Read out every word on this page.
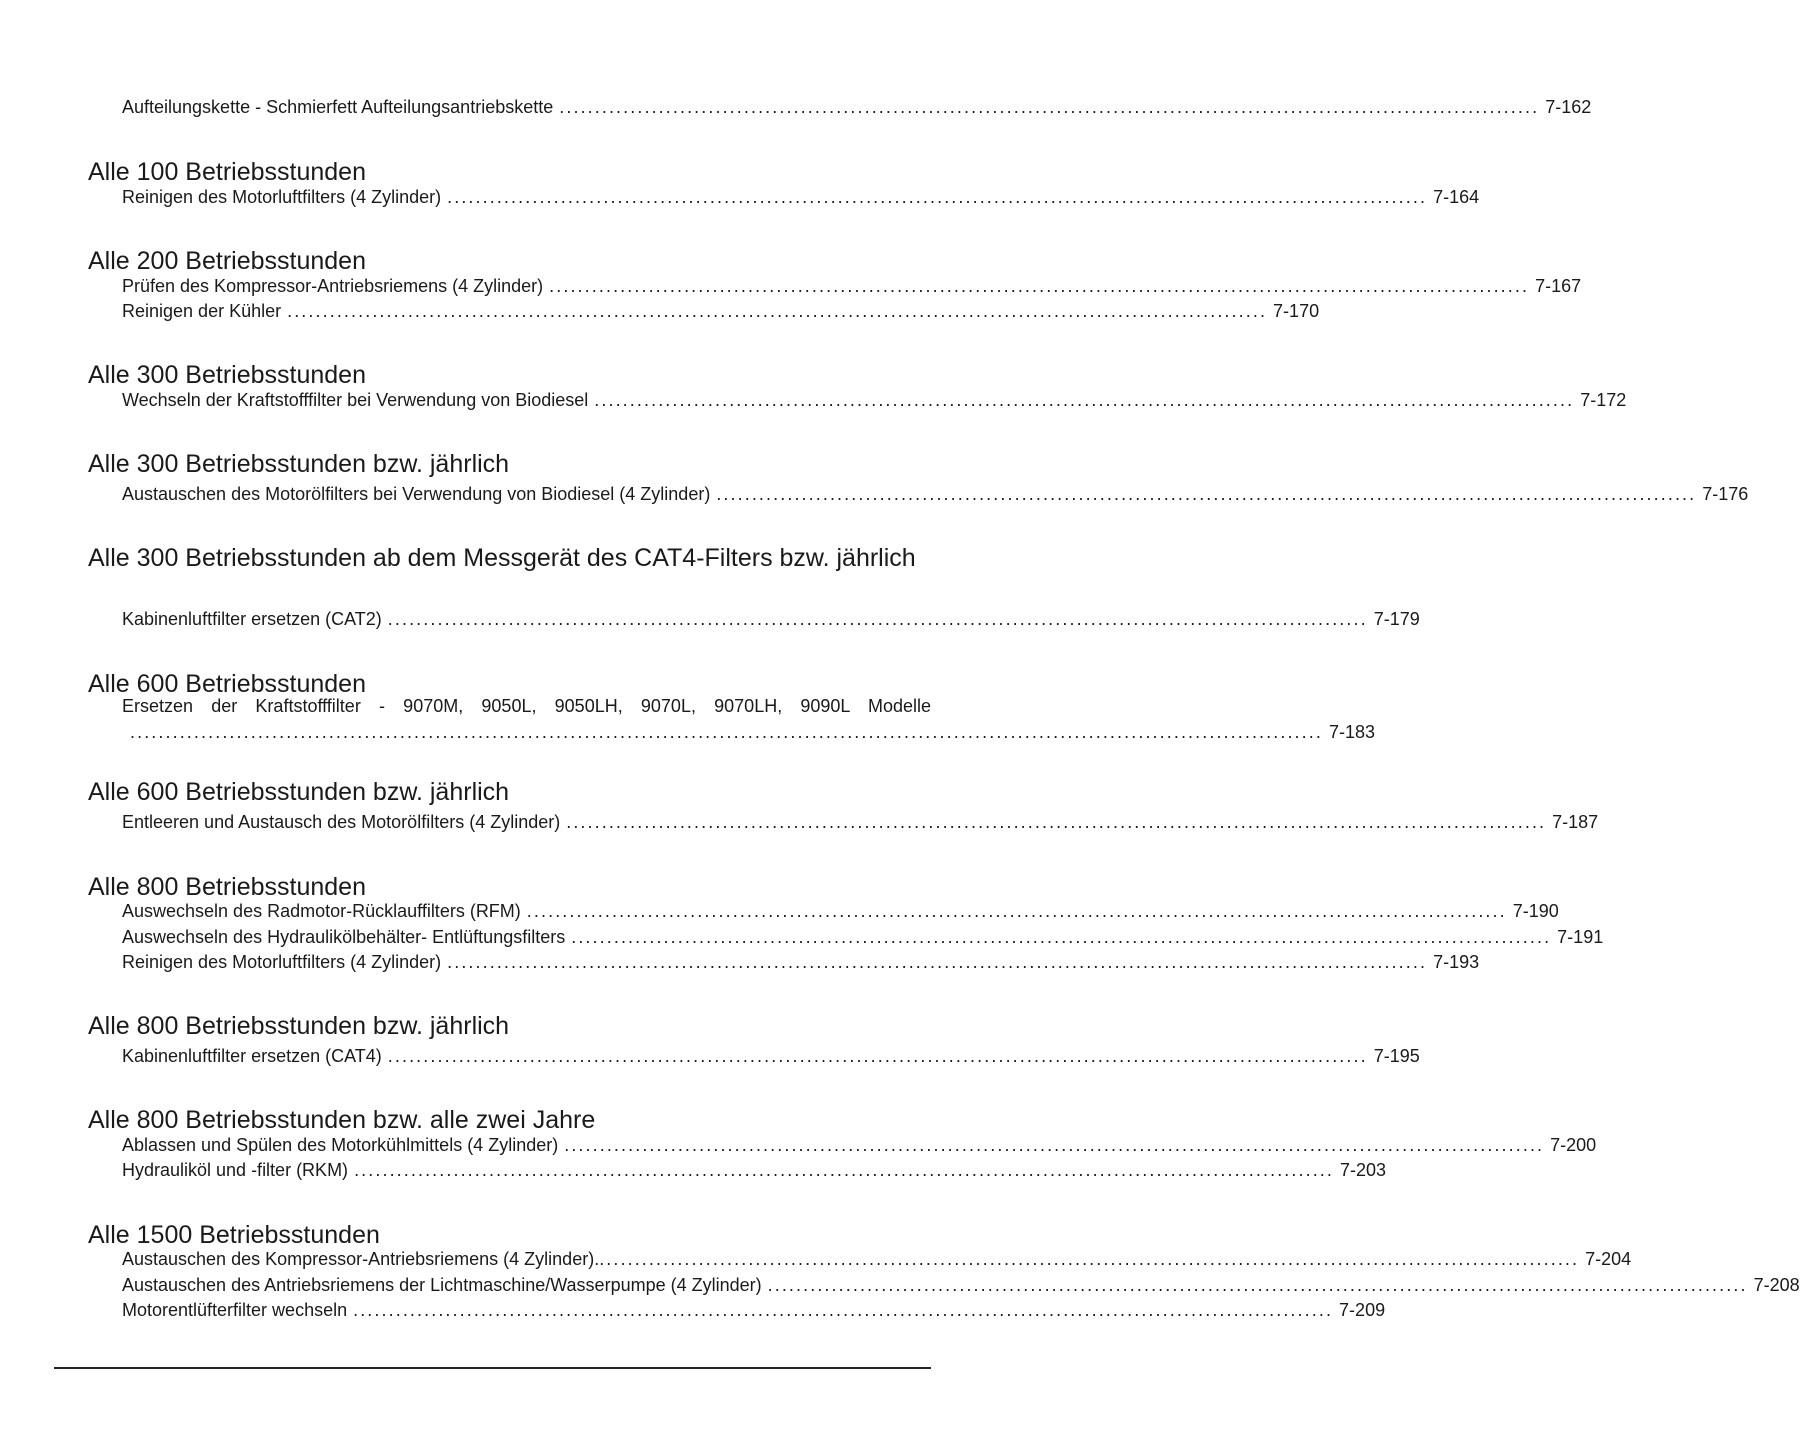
Aufteilungskette - Schmierfett Aufteilungsantriebskette .......................................................................................................................................... 7-162
Alle 100 Betriebsstunden
Reinigen des Motorluftfilters (4 Zylinder) .......................................................................................................................................... 7-164
Alle 200 Betriebsstunden
Prüfen des Kompressor-Antriebsriemens (4 Zylinder) .......................................................................................................................................... 7-167
Reinigen der Kühler .......................................................................................................................................... 7-170
Alle 300 Betriebsstunden
Wechseln der Kraftstofffilter bei Verwendung von Biodiesel .......................................................................................................................................... 7-172
Alle 300 Betriebsstunden bzw. jährlich
Austauschen des Motorölfilters bei Verwendung von Biodiesel (4 Zylinder) .......................................................................................................................................... 7-176
Alle 300 Betriebsstunden ab dem Messgerät des CAT4-Filters bzw. jährlich
Kabinenluftfilter ersetzen (CAT2) .......................................................................................................................................... 7-179
Alle 600 Betriebsstunden
Ersetzen der Kraftstofffilter - 9070M, 9050L, 9050LH, 9070L, 9070LH, 9090L Modelle
........................................................................................................................................................................ 7-183
Alle 600 Betriebsstunden bzw. jährlich
Entleeren und Austausch des Motorölfilters (4 Zylinder) .......................................................................................................................................... 7-187
Alle 800 Betriebsstunden
Auswechseln des Radmotor-Rücklauffilters (RFM) .......................................................................................................................................... 7-190
Auswechseln des Hydraulikölbehälter- Entlüftungsfilters .......................................................................................................................................... 7-191
Reinigen des Motorluftfilters (4 Zylinder) .......................................................................................................................................... 7-193
Alle 800 Betriebsstunden bzw. jährlich
Kabinenluftfilter ersetzen (CAT4) .......................................................................................................................................... 7-195
Alle 800 Betriebsstunden bzw. alle zwei Jahre
Ablassen und Spülen des Motorkühlmittels (4 Zylinder) .......................................................................................................................................... 7-200
Hydrauliköl und -filter (RKM) .......................................................................................................................................... 7-203
Alle 1500 Betriebsstunden
Austauschen des Kompressor-Antriebsriemens (4 Zylinder). .......................................................................................................................................... 7-204
Austauschen des Antriebsriemens der Lichtmaschine/Wasserpumpe (4 Zylinder) .......................................................................................................................................... 7-208
Motorentlüfterfilter wechseln .......................................................................................................................................... 7-209
